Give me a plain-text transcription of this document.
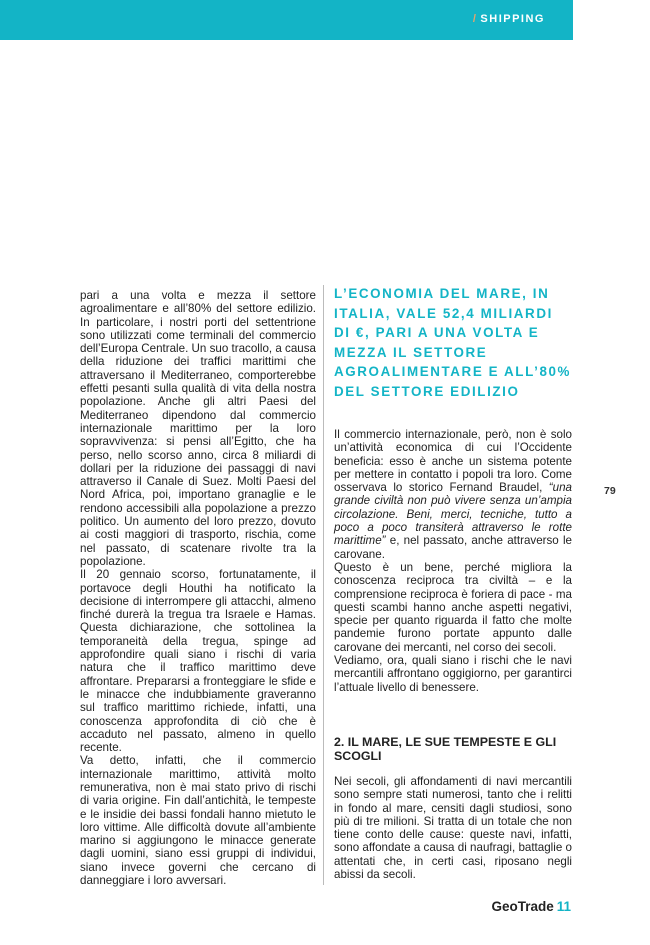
/ SHIPPING

pari a una volta e mezza il settore agroalimentare e all’80% del settore edilizio. In particolare, i nostri porti del settentrione sono utilizzati come terminali del commercio dell’Europa Centrale. Un suo tracollo, a causa della riduzione dei traffici marittimi che attraversano il Mediterraneo, comporterebbe effetti pesanti sulla qualità di vita della nostra popolazione. Anche gli altri Paesi del Mediterraneo dipendono dal commercio internazionale marittimo per la loro sopravvivenza: si pensi all’Egitto, che ha perso, nello scorso anno, circa 8 miliardi di dollari per la riduzione dei passaggi di navi attraverso il Canale di Suez. Molti Paesi del Nord Africa, poi, importano granaglie e le rendono accessibili alla popolazione a prezzo politico. Un aumento del loro prezzo, dovuto ai costi maggiori di trasporto, rischia, come nel passato, di scatenare rivolte tra la popolazione.

Il 20 gennaio scorso, fortunatamente, il portavoce degli Houthi ha notificato la decisione di interrompere gli attacchi, almeno finché durerà la tregua tra Israele e Hamas. Questa dichiarazione, che sottolinea la temporaneità della tregua, spinge ad approfondire quali siano i rischi di varia natura che il traffico marittimo deve affrontare. Prepararsi a fronteggiare le sfide e le minacce che indubbiamente graveranno sul traffico marittimo richiede, infatti, una conoscenza approfondita di ciò che è accaduto nel passato, almeno in quello recente.

Va detto, infatti, che il commercio internazionale marittimo, attività molto remunerativa, non è mai stato privo di rischi di varia origine. Fin dall’antichità, le tempeste e le insidie dei bassi fondali hanno mietuto le loro vittime. Alle difficoltà dovute all’ambiente marino si aggiungono le minacce generate dagli uomini, siano essi gruppi di individui, siano invece governi che cercano di danneggiare i loro avversari.

L’ECONOMIA DEL MARE, IN ITALIA, VALE 52,4 MILIARDI DI €, PARI A UNA VOLTA E MEZZA IL SETTORE AGROALIMENTARE E ALL’80% DEL SETTORE EDILIZIO

Il commercio internazionale, però, non è solo un’attività economica di cui l’Occidente beneficia: esso è anche un sistema potente per mettere in contatto i popoli tra loro. Come osservava lo storico Fernand Braudel, “una grande civiltà non può vivere senza un’ampia circolazione. Beni, merci, tecniche, tutto a poco a poco transiterà attraverso le rotte marittime” e, nel passato, anche attraverso le carovane.

Questo è un bene, perché migliora la conoscenza reciproca tra civiltà – e la comprensione reciproca è foriera di pace - ma questi scambi hanno anche aspetti negativi, specie per quanto riguarda il fatto che molte pandemie furono portate appunto dalle carovane dei mercanti, nel corso dei secoli.

Vediamo, ora, quali siano i rischi che le navi mercantili affrontano oggigiorno, per garantirci l’attuale livello di benessere.

2. IL MARE, LE SUE TEMPESTE E GLI SCOGLI

Nei secoli, gli affondamenti di navi mercantili sono sempre stati numerosi, tanto che i relitti in fondo al mare, censiti dagli studiosi, sono più di tre milioni. Si tratta di un totale che non tiene conto delle cause: queste navi, infatti, sono affondate a causa di naufragi, battaglie o attentati che, in certi casi, riposano negli abissi da secoli.

79
GeoTrade 11
